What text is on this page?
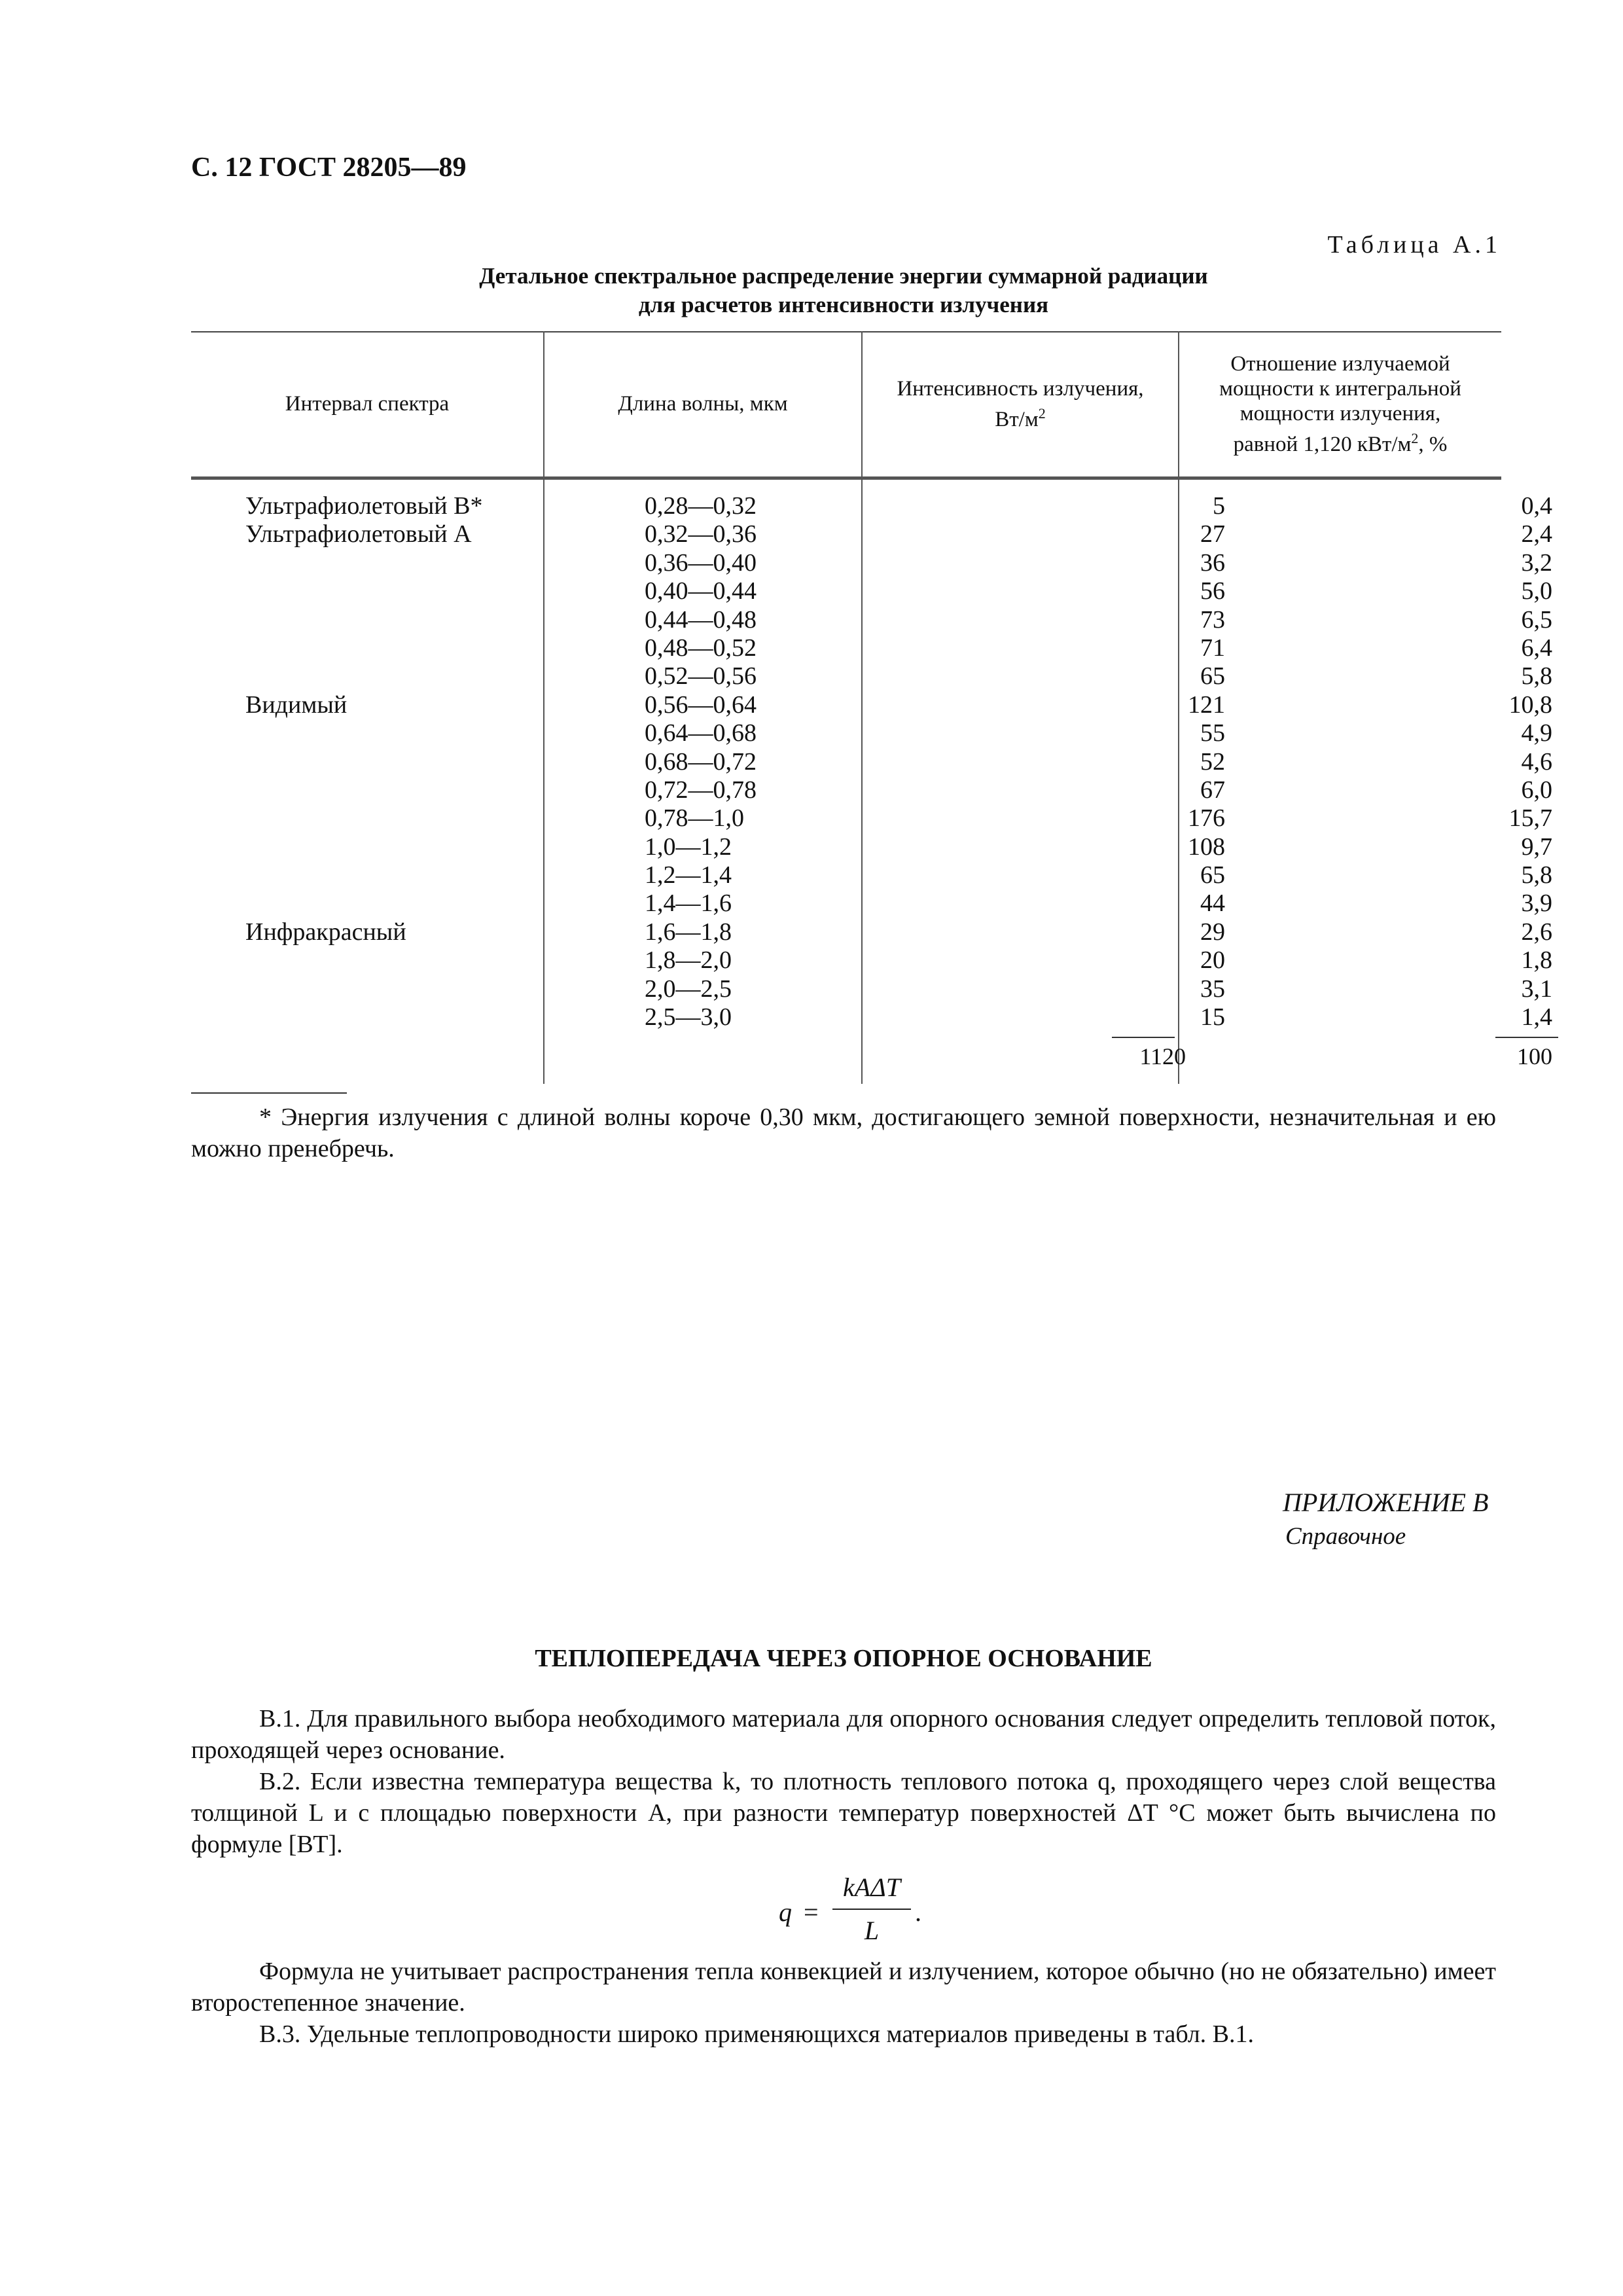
С. 12 ГОСТ 28205—89
Таблица А.1
Детальное спектральное распределение энергии суммарной радиации
для расчетов интенсивности излучения
Интервал спектра	Длина волны, мкм
Интенсивность излучения,
$Вт/м^2$
Отношение излучаемой
мощности к интегральной
мощности излучения,
равной 1,120 кВт/$м^2$, %
Ультрафиолетовый В*
Ультрафиолетовый А
Видимый
Инфракрасный
0,28—0,32
0,32—0,36
0,36—0,40
0,40—0,44
0,44—0,48
0,48—0,52
0,52—0,56
0,56—0,64
0,64—0,68
0,68—0,72
0,72—0,78
0,78—1,0
1,0—1,2
1,2—1,4
1,4—1,6
1,6—1,8
1,8—2,0
2,0—2,5
2,5—3,0
5
27
36
56
73
71
65
121
55
52
67
176
108
65
44
29
20
35
15
0,4
2,4
3,2
5,0
6,5
6,4
5,8
10,8
4,9
4,6
6,0
15,7
9,7
5,8
3,9
2,6
1,8
3,1
1,4
1120	100
* Энергия излучения с длиной волны короче 0,30 мкм, достигающего земной поверхности, незначительная и ею можно пренебречь.
ПРИЛОЖЕНИЕ В
Справочное
ТЕПЛОПЕРЕДАЧА ЧЕРЕЗ ОПОРНОЕ ОСНОВАНИЕ
В.1. Для правильного выбора необходимого материала для опорного основания следует определить тепловой поток, проходящей через основание.
В.2. Если известна температура вещества k, то плотность теплового потока q, проходящего через слой вещества толщиной L и с площадью поверхности A, при разности температур поверхностей ΔT °C может быть вычислена по формуле [ВТ].
q =
kAΔT
L
.
Формула не учитывает распространения тепла конвекцией и излучением, которое обычно (но не обязательно) имеет второстепенное значение.
В.3. Удельные теплопроводности широко применяющихся материалов приведены в табл. В.1.
